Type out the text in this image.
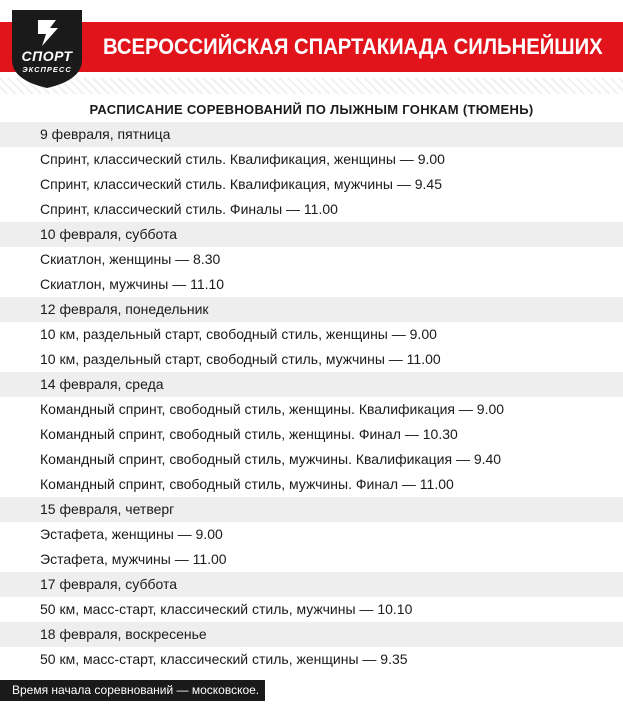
СПОРТ
ЭКСПРЕСС
ВСЕРОССИЙСКАЯ СПАРТАКИАДА СИЛЬНЕЙШИХ
РАСПИСАНИЕ СОРЕВНОВАНИЙ ПО ЛЫЖНЫМ ГОНКАМ (ТЮМЕНЬ)
9 февраля, пятница
Спринт, классический стиль. Квалификация, женщины — 9.00
Спринт, классический стиль. Квалификация, мужчины — 9.45
Спринт, классический стиль. Финалы — 11.00
10 февраля, суббота
Скиатлон, женщины — 8.30
Скиатлон, мужчины — 11.10
12 февраля, понедельник
10 км, раздельный старт, свободный стиль, женщины — 9.00
10 км, раздельный старт, свободный стиль, мужчины — 11.00
14 февраля, среда
Командный спринт, свободный стиль, женщины. Квалификация — 9.00
Командный спринт, свободный стиль, женщины. Финал — 10.30
Командный спринт, свободный стиль, мужчины. Квалификация — 9.40
Командный спринт, свободный стиль, мужчины. Финал — 11.00
15 февраля, четверг
Эстафета, женщины — 9.00
Эстафета, мужчины — 11.00
17 февраля, суббота
50 км, масс-старт, классический стиль, мужчины — 10.10
18 февраля, воскресенье
50 км, масс-старт, классический стиль, женщины — 9.35
Время начала соревнований — московское.
